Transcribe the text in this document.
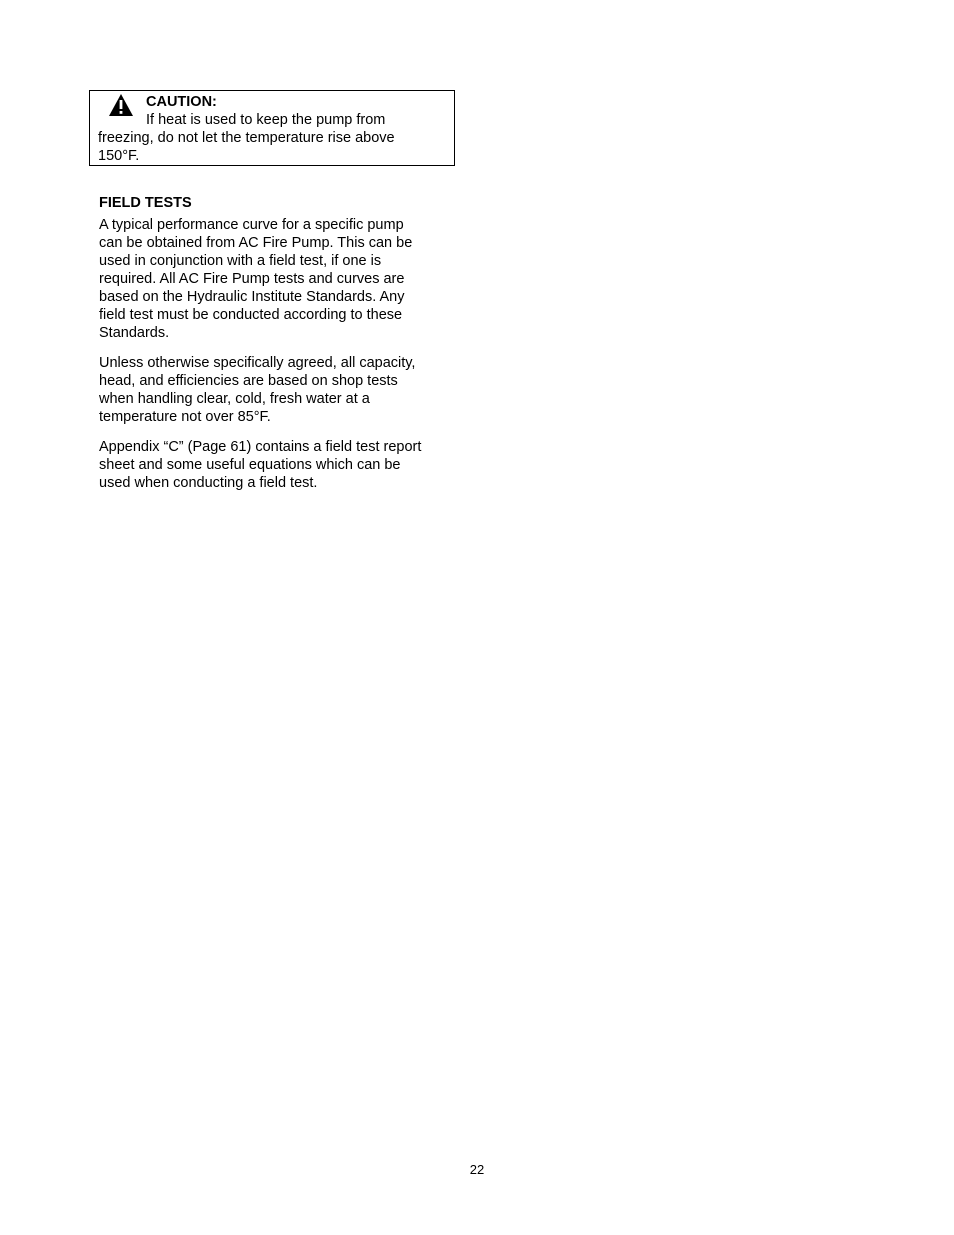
CAUTION:
If heat is used to keep the pump from
freezing, do not let the temperature rise above
150°F.
FIELD TESTS

A typical performance curve for a specific pump
can be obtained from AC Fire Pump. This can be
used in conjunction with a field test, if one is
required. All AC Fire Pump tests and curves are
based on the Hydraulic Institute Standards. Any
field test must be conducted according to these
Standards.

Unless otherwise specifically agreed, all capacity,
head, and efficiencies are based on shop tests
when handling clear, cold, fresh water at a
temperature not over 85°F.

Appendix “C” (Page 61) contains a field test report
sheet and some useful equations which can be
used when conducting a field test.

22
